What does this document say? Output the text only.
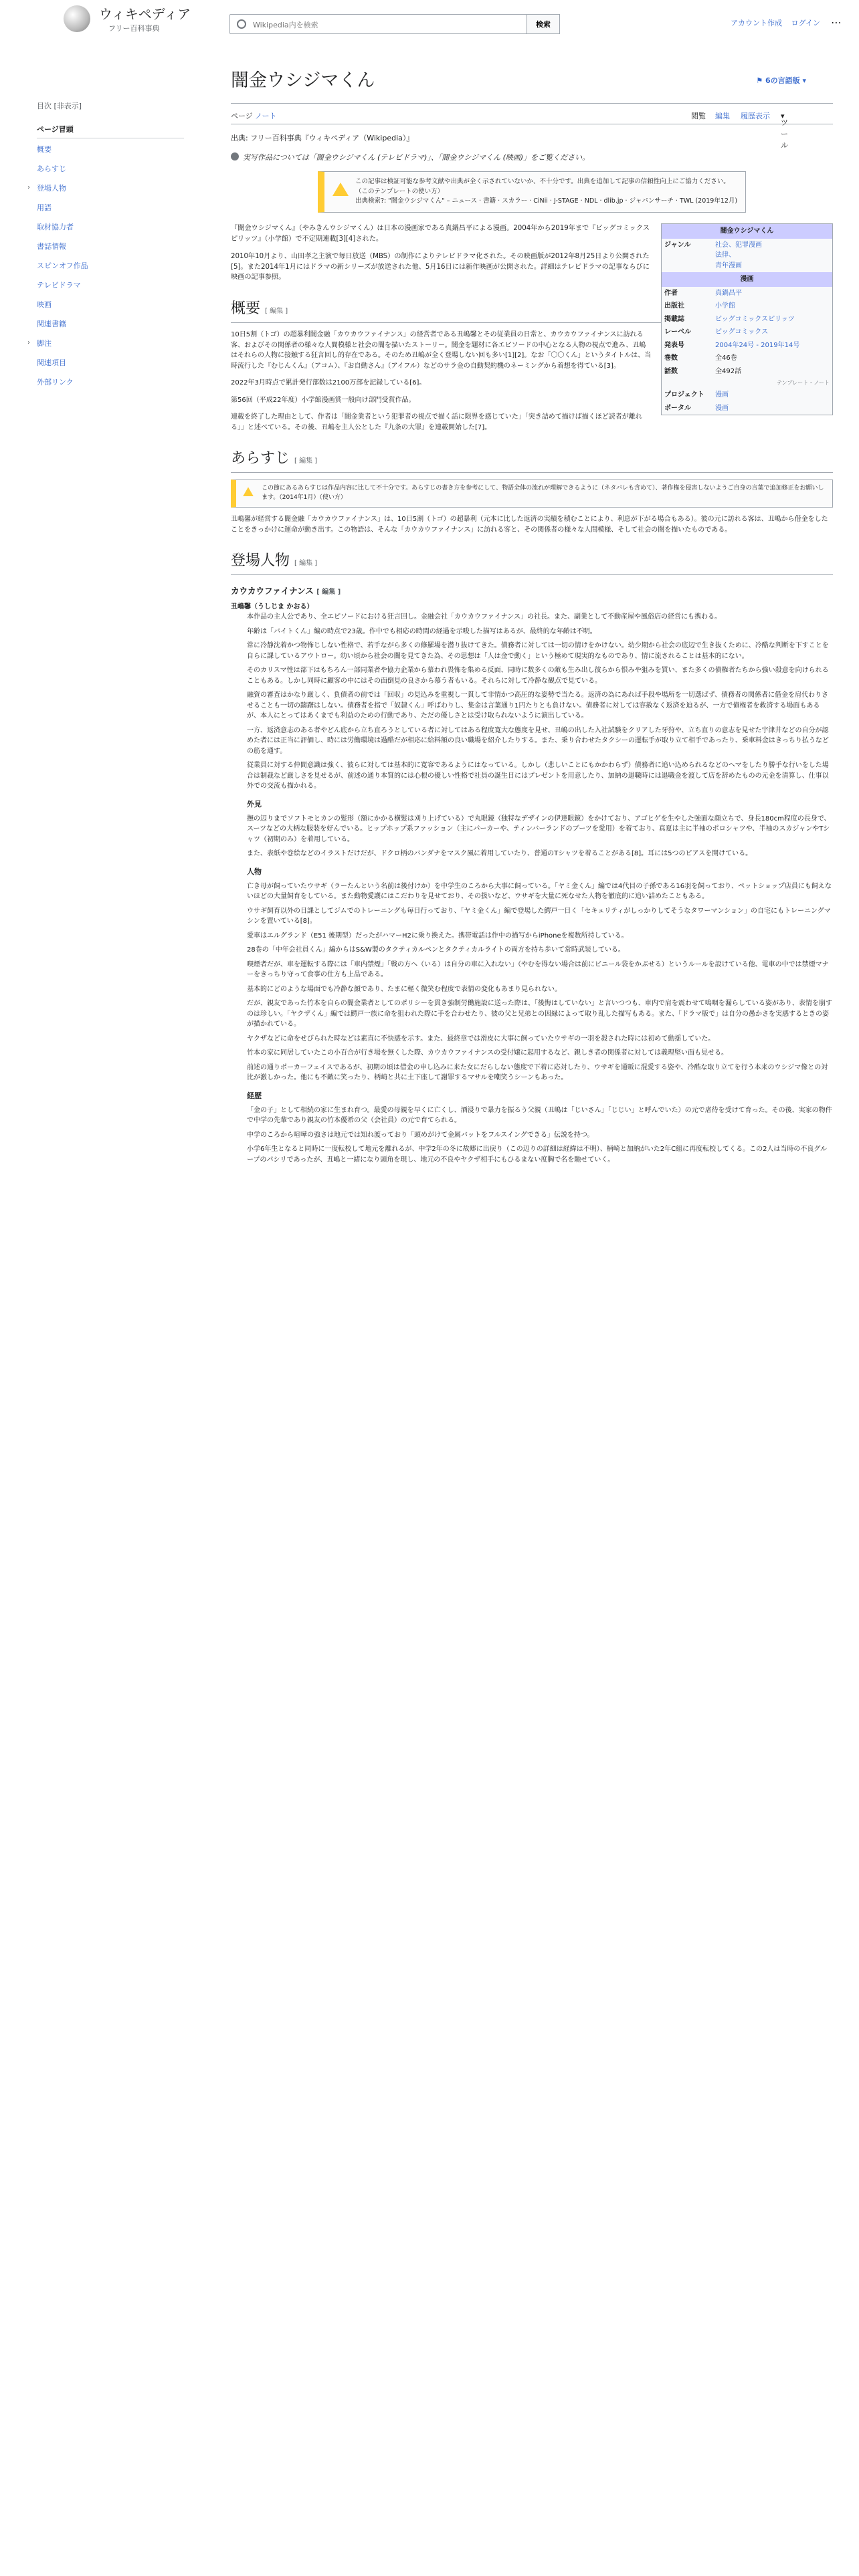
ウィキペディア
フリー百科事典
Wikipedia内を検索	検索	アカウント作成 ログイン ⋯
目次 [非表示]
ページ冒頭
概要
あらすじ
› 登場人物
用語
取材協力者
書誌情報
スピンオフ作品
テレビドラマ
映画
関連書籍
› 脚注
関連項目
外部リンク
闇金ウシジマくん	⚑ 6の言語版 ▾
ページ ノート	閲覧 編集 履歴表示
ツール
▾
出典: フリー百科事典『ウィキペディア（Wikipedia）』
実写作品については「闇金ウシジマくん (テレビドラマ)」、「闇金ウシジマくん (映画)」をご覧ください。
この記事は検証可能な参考文献や出典が全く示されていないか、不十分です。出典を追加して記事の信頼性向上にご協力ください。（このテンプレートの使い方）
出典検索?: "闇金ウシジマくん" – ニュース · 書籍 · スカラー · CiNii · J-STAGE · NDL · dlib.jp · ジャパンサーチ · TWL (2019年12月)
闇金ウシジマくん
ジャンル	社会、犯罪漫画
法律、
青年漫画
漫画
作者	真鍋昌平
出版社	小学館
掲載誌	ビッグコミックスピリッツ
レーベル	ビッグコミックス
発表号	2004年24号 - 2019年14号
巻数	全46巻
話数	全492話
テンプレート・ノート
プロジェクト	漫画
ポータル	漫画

『闇金ウシジマくん』（やみきんウシジマくん）は日本の漫画家である真鍋昌平による漫画。2004年から2019年まで『ビッグコミックスピリッツ』（小学館）で不定期連載[3][4]された。

2010年10月より、山田孝之主演で毎日放送（MBS）の制作によりテレビドラマ化された。その映画版が2012年8月25日より公開された[5]。また2014年1月にはドラマの新シリーズが放送された他、5月16日には新作映画が公開された。詳細はテレビドラマの記事ならびに映画の記事参照。

概要 [ 編集 ]

10日5割（トゴ）の超暴利闇金融「カウカウファイナンス」の経営者である丑嶋馨とその従業員の日常と、カウカウファイナンスに訪れる客、およびその関係者の様々な人間模様と社会の闇を描いたストーリー。闇金を題材に各エピソードの中心となる人物の視点で進み、丑嶋はそれらの人物に接触する狂言回し的存在である。そのため丑嶋が全く登場しない回も多い[1][2]。なお「〇〇くん」というタイトルは、当時流行した『むじんくん』（アコム）、『お自動さん』（アイフル）などのサラ金の自動契約機のネーミングから着想を得ている[3]。

2022年3月時点で累計発行部数は2100万部を記録している[6]。

第56回（平成22年度）小学館漫画賞一般向け部門受賞作品。

連載を終了した理由として、作者は「闇金業者という犯罪者の視点で描く話に限界を感じていた」「突き詰めて描けば描くほど読者が離れる」」と述べている。その後、丑嶋を主人公とした『九条の大罪』を連載開始した[7]。

あらすじ [ 編集 ]
この節にあるあらすじは作品内容に比して不十分です。あらすじの書き方を参考にして、物語全体の流れが理解できるように（ネタバレも含めて）、著作権を侵害しないようご自身の言葉で追加修正をお願いします。（2014年1月）（使い方）

丑嶋馨が経営する闇金融「カウカウファイナンス」は、10日5割（トゴ）の超暴利（元本に比した返済の実績を積むことにより、利息が下がる場合もある）。彼の元に訪れる客は、丑嶋から借金をしたことをきっかけに運命が動き出す。この物語は、そんな「カウカウファイナンス」に訪れる客と、その関係者の様々な人間模様、そして社会の闇を描いたものである。

登場人物 [ 編集 ]
カウカウファイナンス [ 編集 ]
丑嶋馨（うしじま かおる）
本作品の主人公であり、全エピソードにおける狂言回し。金融会社「カウカウファイナンス」の社長。また、副業として不動産屋や風俗店の経営にも携わる。
年齢は「バイトくん」編の時点で23歳。作中でも相応の時間の経過を示唆した描写はあるが、最終的な年齢は不明。
常に冷静沈着かつ物怖じしない性格で、若手ながら多くの修羅場を潜り抜けてきた。債務者に対しては一切の情けをかけない。幼少期から社会の底辺で生き抜くために、冷酷な判断を下すことを自らに課しているアウトロー。幼い頃から社会の闇を見てきた為、その思想は「人は金で動く」という極めて現実的なものであり、情に流されることは基本的にない。
そのカリスマ性は部下はもちろん一部同業者や協力企業から慕われ畏怖を集める反面、同時に数多くの敵も生み出し彼らから恨みや狙みを買い、また多くの債権者たちから強い殺意を向けられることもある。しかし同時に顧客の中にはその面倒見の良さから慕う者もいる。それらに対して冷静な観点で見ている。
融資の審査はかなり厳しく、負債者の前では「回収」の見込みを重視し一貫して非情かつ高圧的な姿勢で当たる。返済の為にあれば手段や場所を一切選ばず、債務者の関係者に借金を肩代わりさせることも一切の躊躇はしない。債務者を指で「奴隷くん」呼ばわりし、集金は言葉通り1円たりとも負けない。債務者に対しては容赦なく返済を迫るが、一方で債権者を救済する場面もあるが、本人にとってはあくまでも利益のための行動であり、ただの優しさとは受け取られないように演出している。
一方、返済意志のある者やどん底から立ち直ろうとしている者に対してはある程度寛大な態度を見せ、丑嶋の出した入社試験をクリアした牙狩や、立ち直りの意志を見せた宇津井などの自分が認めた者には正当に評価し、時には労働環境は過酷だが相応に給料額の良い職場を紹介したりする。また、乗り合わせたタクシーの運転手が取り立て相手であったり、乗車料金はきっちり払うなどの筋を通す。
従業員に対する仲間意識は強く、彼らに対しては基本的に寛容であるようにはなっている。しかし（悲しいことにもかかわらず）債務者に追い込められるなどのヘマをしたり勝手な行いをした場合は制裁など厳しさを見せるが、前述の通り本質的には心根の優しい性格で社員の誕生日にはプレゼントを用意したり、加納の退職時には退職金を渡して店を辞めたものの元金を清算し、仕事以外での交流も描かれる。
外見
撫の辺りまでソフトモヒカンの髪形（額にかかる横髪は刈り上げている）で丸眼鏡（独特なデザインの伊達眼鏡）をかけており、アゴヒゲを生やした強面な顔立ちで、身長180cm程度の長身で、スーツなどの大柄な服装を好んでいる。ヒップホップ系ファッション（主にパーカーや、ティンバーランドのブーツを愛用）を着ており、真夏は主に半袖のポロシャツや、半袖のスカジャンやTシャツ（初期のみ）を着用している。
また、表紙や巻絵などのイラストだけだが、ドクロ柄のバンダナをマスク風に着用していたり、普通のTシャツを着ることがある[8]。耳には5つのピアスを開けている。
人物
亡き母が飼っていたウサギ（ラーたんという名前は後付けか）を中学生のころから大事に飼っている。「ヤミ金くん」編では4代目の子孫である16羽を飼っており、ペットショップ店員にも飼えないほどの大量飼育をしている。また動物愛護にはこだわりを見せており、その扱いなど、ウサギを大量に死なせた人物を徹底的に追い詰めたこともある。
ウサギ飼育以外の日課としてジムでのトレーニングも毎日行っており、「ヤミ金くん」編で登場した鰐戸一日く「セキュリティがしっかりしてそうなタワーマンション」の自宅にもトレーニングマシンを置いている[8]。
愛車はエルグランド（E51 後期型）だったがハマーH2に乗り換えた。携帯電話は作中の描写からiPhoneを複数所持している。
28巻の「中年会社員くん」編からはS&W製のタクティカルペンとタクティカルライトの両方を持ち歩いて常時武装している。
喫煙者だが、車を運転する際には「車内禁煙」「戦の方へ（いる）は自分の車に入れない」（やむを得ない場合は前にビニール袋をかぶせる）というルールを設けている他、電車の中では禁煙マナーをきっちり守って食事の仕方も上品である。
基本的にどのような場面でも冷静な顔であり、たまに軽く微笑む程度で表情の変化もあまり見られない。
だが、親友であった竹本を自らの闇金業者としてのポリシーを貫き強制労働施設に送った際は、「後悔はしていない」と言いつつも、車内で肩を震わせて嗚咽を漏らしている姿があり、表情を崩すのは珍しい。「ヤクザくん」編では鰐戸一族に命を狙われた際に手を合わせたり、彼の父と兄弟との因縁によって取り乱した描写もある。また、「ドラマ版で」は自分の愚かさを実感するときの姿が描かれている。
ヤクザなどに命をせびられた時などは素直に不快感を示す。また、最終章では滑皮に大事に飼っていたウサギの一羽を殺された時には初めて動揺していた。
竹本の家に同居していたこの小百合が行き場を無くした際、カウカウファイナンスの受付嬢に起用するなど、親しき者の関係者に対しては義理堅い面も見せる。
前述の通りポーカーフェイスであるが、初期の頃は借金の申し込みに来た女にだらしない態度で下着に応対したり、ウサギを通販に混愛する姿や、冷酷な取り立てを行う本来のウシジマ像との対比が激しかった。他にも不敵に笑ったり、柄崎と共に土下座して謝罪するマサルを嘲笑うシーンもあった。
経歴
「金の子」として相続の家に生まれ育つ。最愛の母親を早くに亡くし、酒浸りで暴力を振るう父親（丑嶋は「じいさん」「じじい」と呼んでいた）の元で虐待を受けて育った。その後、実家の物件で中学の先輩であり親友の竹本優希の父（会社員）の元で育てられる。
中学のころから喧嘩の強さは地元では知れ渡っており「頭めがけて金属バットをフルスイングできる」伝説を持つ。
小学6年生となると同時に一度転校して地元を離れるが、中学2年の冬に故郷に出戻り（この辺りの詳細は経緯は不明）、柄崎と加納がいた2年C組に再度転校してくる。この2人は当時の不良グループのパシリであったが、丑嶋と一緒になり頭角を現し、地元の不良やヤクザ相手にもひるまない度胸で名を馳せていく。
